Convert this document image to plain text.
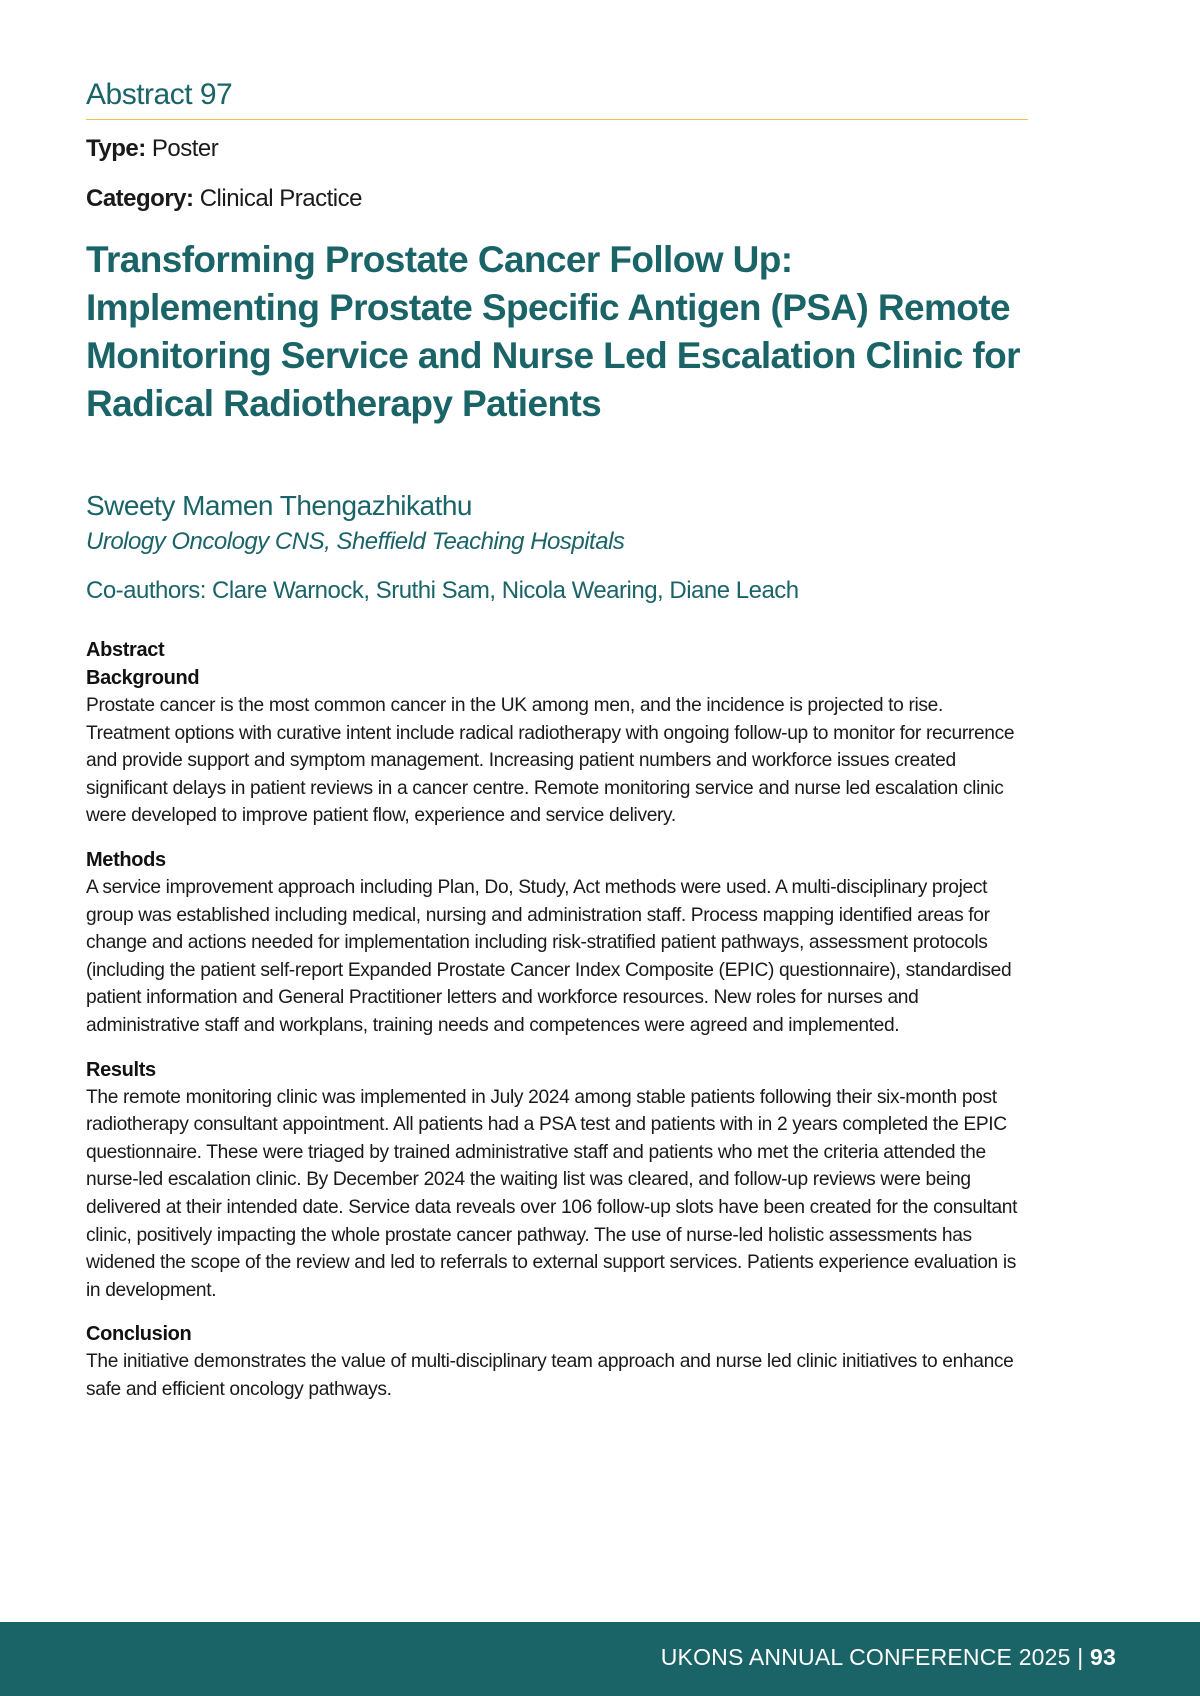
Abstract 97
Type: Poster
Category: Clinical Practice
Transforming Prostate Cancer Follow Up: Implementing Prostate Specific Antigen (PSA) Remote Monitoring Service and Nurse Led Escalation Clinic for Radical Radiotherapy Patients
Sweety Mamen Thengazhikathu
Urology Oncology CNS, Sheffield Teaching Hospitals
Co-authors: Clare Warnock, Sruthi Sam, Nicola Wearing, Diane Leach
Abstract
Background

Prostate cancer is the most common cancer in the UK among men, and the incidence is projected to rise. Treatment options with curative intent include radical radiotherapy with ongoing follow-up to monitor for recurrence and provide support and symptom management. Increasing patient numbers and workforce issues created significant delays in patient reviews in a cancer centre. Remote monitoring service and nurse led escalation clinic were developed to improve patient flow, experience and service delivery.

Methods

A service improvement approach including Plan, Do, Study, Act methods were used. A multi-disciplinary project group was established including medical, nursing and administration staff. Process mapping identified areas for change and actions needed for implementation including risk-stratified patient pathways, assessment protocols (including the patient self-report Expanded Prostate Cancer Index Composite (EPIC) questionnaire), standardised patient information and General Practitioner letters and workforce resources. New roles for nurses and administrative staff and workplans, training needs and competences were agreed and implemented.

Results

The remote monitoring clinic was implemented in July 2024 among stable patients following their six-month post radiotherapy consultant appointment. All patients had a PSA test and patients with in 2 years completed the EPIC questionnaire. These were triaged by trained administrative staff and patients who met the criteria attended the nurse-led escalation clinic. By December 2024 the waiting list was cleared, and follow-up reviews were being delivered at their intended date. Service data reveals over 106 follow-up slots have been created for the consultant clinic, positively impacting the whole prostate cancer pathway. The use of nurse-led holistic assessments has widened the scope of the review and led to referrals to external support services. Patients experience evaluation is in development.

Conclusion

The initiative demonstrates the value of multi-disciplinary team approach and nurse led clinic initiatives to enhance safe and efficient oncology pathways.

UKONS ANNUAL CONFERENCE 2025 | 93
